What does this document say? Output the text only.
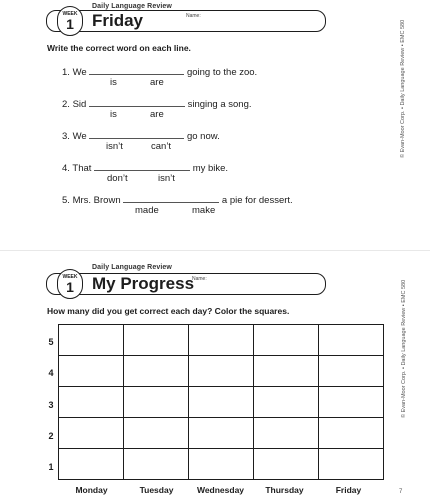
Daily Language Review
WEEK
1	Friday	Name:
Write the correct word on each line.
1. We	going to the zoo.
is	are
2. Sid	singing a song.
is	are
3. We	go now.
isn’t	can’t
4. That	my bike.
don’t	isn’t
5. Mrs. Brown	a pie for dessert.
made	make
© Evan-Moor Corp. • Daily Language Review • EMC 580
Daily Language Review
WEEK
1	My Progress
Name:
How many did you get correct each day? Color the squares.
5
4
3
2
1

Monday	Tuesday	Wednesday	Thursday	Friday
© Evan-Moor Corp. • Daily Language Review • EMC 580
7
